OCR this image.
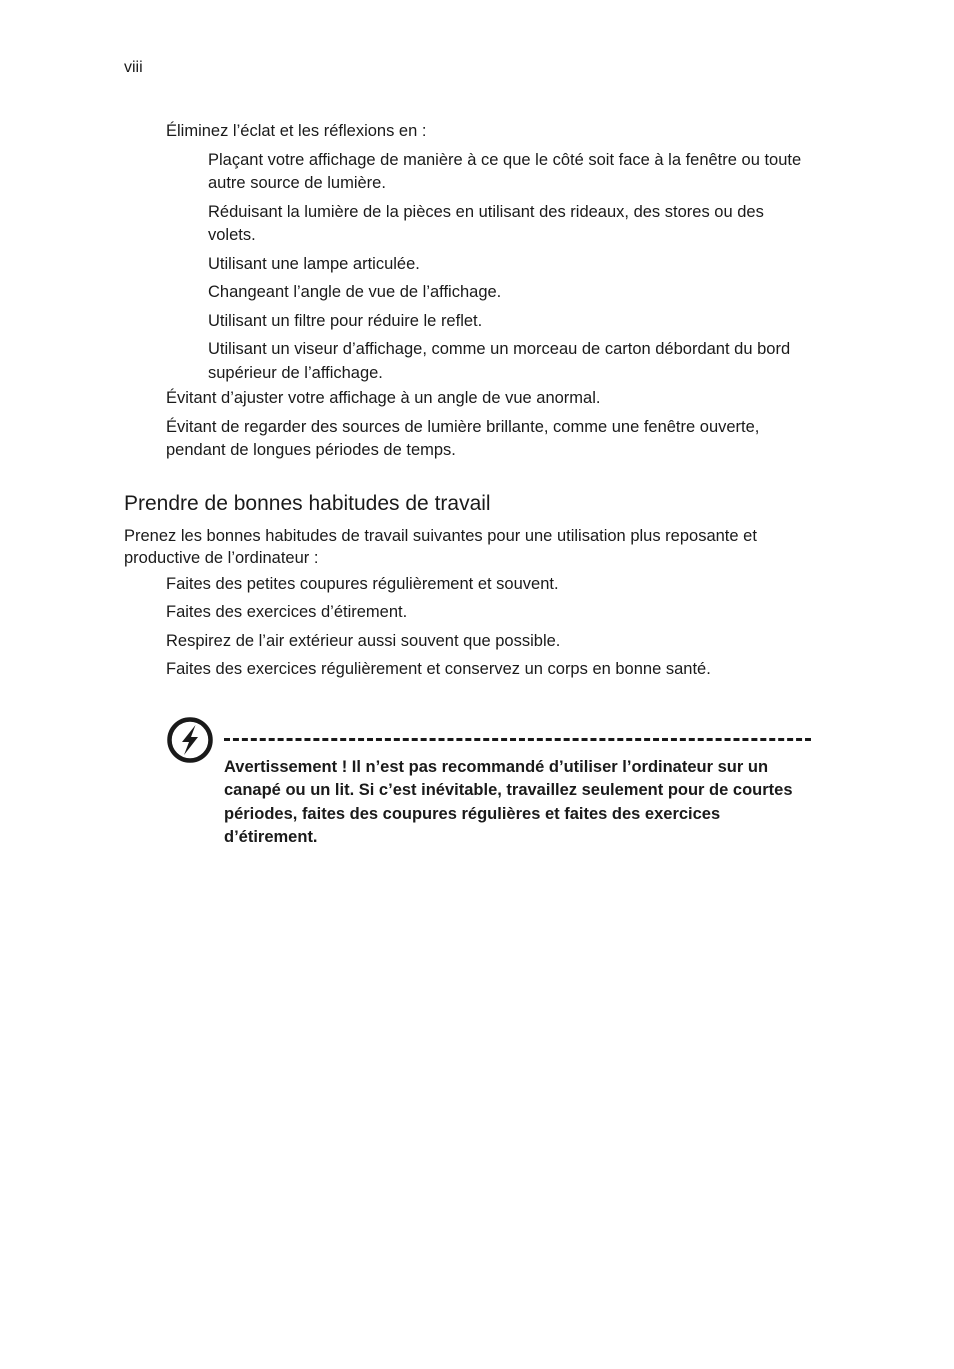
viii

Éliminez l’éclat et les réflexions en :

Plaçant votre affichage de manière à ce que le côté soit face à la fenêtre ou toute autre source de lumière.

Réduisant la lumière de la pièces en utilisant des rideaux, des stores ou des volets.

Utilisant une lampe articulée.

Changeant l’angle de vue de l’affichage.

Utilisant un filtre pour réduire le reflet.

Utilisant un viseur d’affichage, comme un morceau de carton débordant du bord supérieur de l’affichage.

Évitant d’ajuster votre affichage à un angle de vue anormal.

Évitant de regarder des sources de lumière brillante, comme une fenêtre ouverte, pendant de longues périodes de temps.

Prendre de bonnes habitudes de travail

Prenez les bonnes habitudes de travail suivantes pour une utilisation plus reposante et productive de l’ordinateur :

Faites des petites coupures régulièrement et souvent.

Faites des exercices d’étirement.

Respirez de l’air extérieur aussi souvent que possible.

Faites des exercices régulièrement et conservez un corps en bonne santé.

Avertissement ! Il n’est pas recommandé d’utiliser l’ordinateur sur un canapé ou un lit. Si c’est inévitable, travaillez seulement pour de courtes périodes, faites des coupures régulières et faites des exercices d’étirement.
